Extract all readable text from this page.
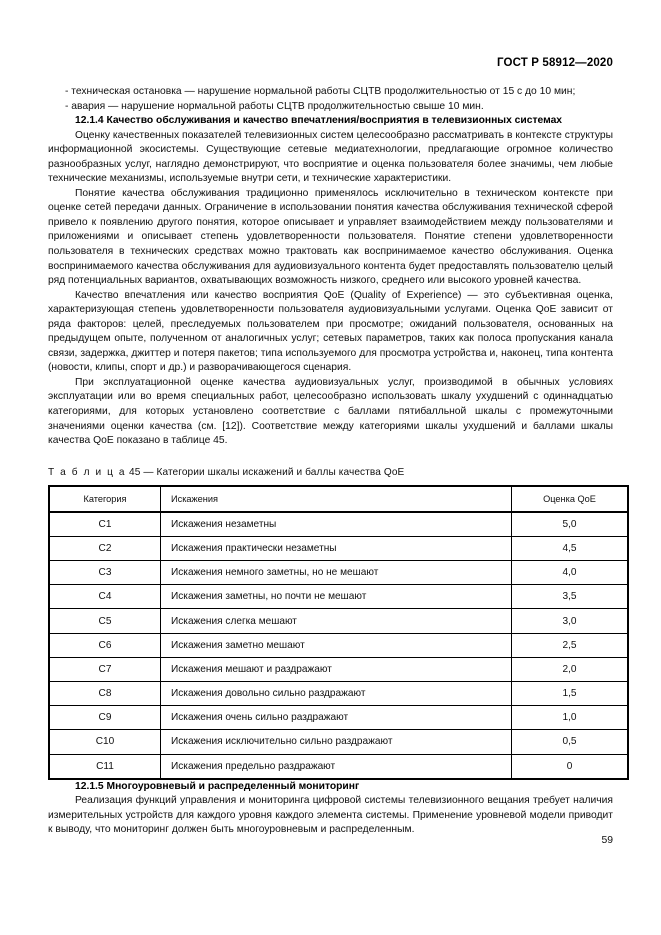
ГОСТ Р 58912—2020

- техническая остановка — нарушение нормальной работы СЦТВ продолжительностью от 15 с до 10 мин;

- авария — нарушение нормальной работы СЦТВ продолжительностью свыше 10 мин.

12.1.4 Качество обслуживания и качество впечатления/восприятия в телевизионных системах

Оценку качественных показателей телевизионных систем целесообразно рассматривать в контексте структуры информационной экосистемы. Существующие сетевые медиатехнологии, предлагающие огромное количество разнообразных услуг, наглядно демонстрируют, что восприятие и оценка пользователя более значимы, чем любые технические механизмы, используемые внутри сети, и технические характеристики.

Понятие качества обслуживания традиционно применялось исключительно в техническом контексте при оценке сетей передачи данных. Ограничение в использовании понятия качества обслуживания технической сферой привело к появлению другого понятия, которое описывает и управляет взаимодействием между пользователями и приложениями и описывает степень удовлетворенности пользователя. Понятие степени удовлетворенности пользователя в технических средствах можно трактовать как воспринимаемое качество обслуживания. Оценка воспринимаемого качества обслуживания для аудиовизуального контента будет предоставлять пользователю целый ряд потенциальных вариантов, охватывающих возможность низкого, среднего или высокого уровней качества.

Качество впечатления или качество восприятия QoE (Quality of Experience) — это субъективная оценка, характеризующая степень удовлетворенности пользователя аудиовизуальными услугами. Оценка QoE зависит от ряда факторов: целей, преследуемых пользователем при просмотре; ожиданий пользователя, основанных на предыдущем опыте, полученном от аналогичных услуг; сетевых параметров, таких как полоса пропускания канала связи, задержка, джиттер и потеря пакетов; типа используемого для просмотра устройства и, наконец, типа контента (новости, клипы, спорт и др.) и разворачивающегося сценария.

При эксплуатационной оценке качества аудиовизуальных услуг, производимой в обычных условиях эксплуатации или во время специальных работ, целесообразно использовать шкалу ухудшений с одиннадцатью категориями, для которых установлено соответствие с баллами пятибалльной шкалы с промежуточными значениями оценки качества (см. [12]). Соответствие между категориями шкалы ухудшений и баллами шкалы качества QoE показано в таблице 45.

Т а б л и ц а 45 — Категории шкалы искажений и баллы качества QoE
Категория	Искажения	Оценка QoE
С1	Искажения незаметны	5,0
С2	Искажения практически незаметны	4,5
С3	Искажения немного заметны, но не мешают	4,0
С4	Искажения заметны, но почти не мешают	3,5
С5	Искажения слегка мешают	3,0
С6	Искажения заметно мешают	2,5
С7	Искажения мешают и раздражают	2,0
С8	Искажения довольно сильно раздражают	1,5
С9	Искажения очень сильно раздражают	1,0
С10	Искажения исключительно сильно раздражают	0,5
С11	Искажения предельно раздражают	0

12.1.5 Многоуровневый и распределенный мониторинг

Реализация функций управления и мониторинга цифровой системы телевизионного вещания требует наличия измерительных устройств для каждого уровня каждого элемента системы. Применение уровневой модели приводит к выводу, что мониторинг должен быть многоуровневым и распределенным.

59
